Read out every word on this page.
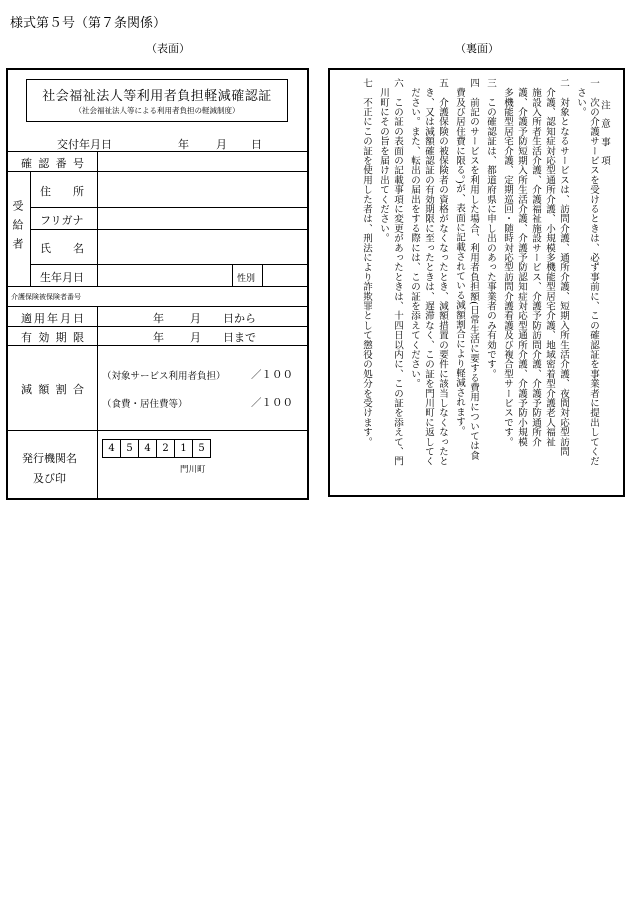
様式第５号（第７条関係）
（表面）	（裏面）
社会福祉法人等利用者負担軽減確認証
（社会福祉法人等による利用者負担の軽減制度）
交付年月日	年 月 日
確 認 番 号
受給者
住　　所
フリガナ
氏　　名
生年月日	性別
介護保険被保険者番号
適 用 年 月 日	年 月 日から
有 効 期 限	年 月 日まで
減 額 割 合
（対象サービス利用者負担） ／１００
（食費・居住費等）	／１００
発行機関名
及び印
4	5	4	2	1	5
門川町
注 意 事 項
一　次の介護サービスを受けるときは、必ず事前に、この確認証を事業者に提出してくだ
　さい。
二　対象となるサービスは、訪問介護、通所介護、短期入所生活介護、夜間対応型訪問
　介護、認知症対応型通所介護、小規模多機能型居宅介護、地域密着型介護老人福祉
　施設入所者生活介護、介護福祉施設サービス、介護予防訪問介護、介護予防通所介
　護、介護予防短期入所生活介護、介護予防認知症対応型通所介護、介護予防小規模
　多機能型居宅介護、定期巡回・随時対応型訪問介護看護及び複合型サービスです。
三　この確認証は、都道府県に申し出のあった事業者のみ有効です。
四　前記のサービスを利用した場合、利用者負担額(日常生活に要する費用については食
　費及び居住費に限る。)が、表面に記載されている減額割合により軽減されます。
五　介護保険の被保険者の資格がなくなったとき、減額措置の要件に該当しなくなったと
　き、又は減額確認証の有効期限に至ったときは、遅滞なく、この証を門川町に返してく
　ださい。また、転出の届出をする際には、この証を添えてください。
六　この証の表面の記載事項に変更があったときは、十四日以内に、この証を添えて、門
　川町にその旨を届け出てください。
七　不正にこの証を使用した者は、刑法により詐欺罪として懲役の処分を受けます。
